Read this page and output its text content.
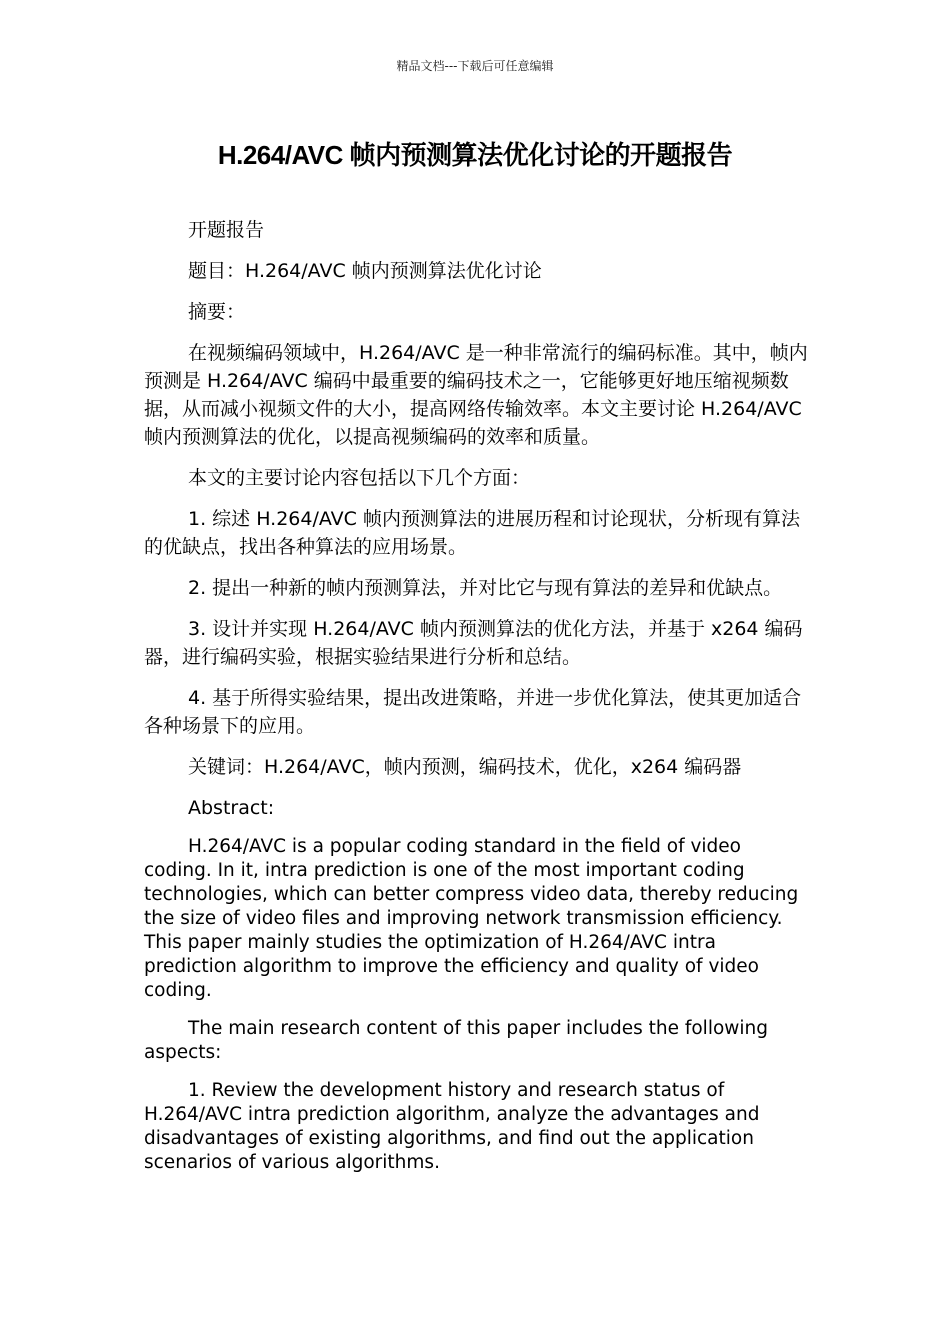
精品文档---下载后可任意编辑
H.264/AVC 帧内预测算法优化讨论的开题报告

开题报告

题目：H.264/AVC 帧内预测算法优化讨论

摘要：

在视频编码领域中，H.264/AVC 是一种非常流行的编码标准。其中，帧内预测是 H.264/AVC 编码中最重要的编码技术之一，它能够更好地压缩视频数据，从而减小视频文件的大小，提高网络传输效率。本文主要讨论 H.264/AVC 帧内预测算法的优化，以提高视频编码的效率和质量。

本文的主要讨论内容包括以下几个方面：

1. 综述 H.264/AVC 帧内预测算法的进展历程和讨论现状，分析现有算法的优缺点，找出各种算法的应用场景。

2. 提出一种新的帧内预测算法，并对比它与现有算法的差异和优缺点。

3. 设计并实现 H.264/AVC 帧内预测算法的优化方法，并基于 x264 编码器，进行编码实验，根据实验结果进行分析和总结。

4. 基于所得实验结果，提出改进策略，并进一步优化算法，使其更加适合各种场景下的应用。

关键词：H.264/AVC，帧内预测，编码技术，优化，x264 编码器

Abstract:

H.264/AVC is a popular coding standard in the field of video coding. In it, intra prediction is one of the most important coding technologies, which can better compress video data, thereby reducing the size of video files and improving network transmission efficiency. This paper mainly studies the optimization of H.264/AVC intra prediction algorithm to improve the efficiency and quality of video coding.

The main research content of this paper includes the following aspects:

1. Review the development history and research status of H.264/AVC intra prediction algorithm, analyze the advantages and disadvantages of existing algorithms, and find out the application scenarios of various algorithms.
